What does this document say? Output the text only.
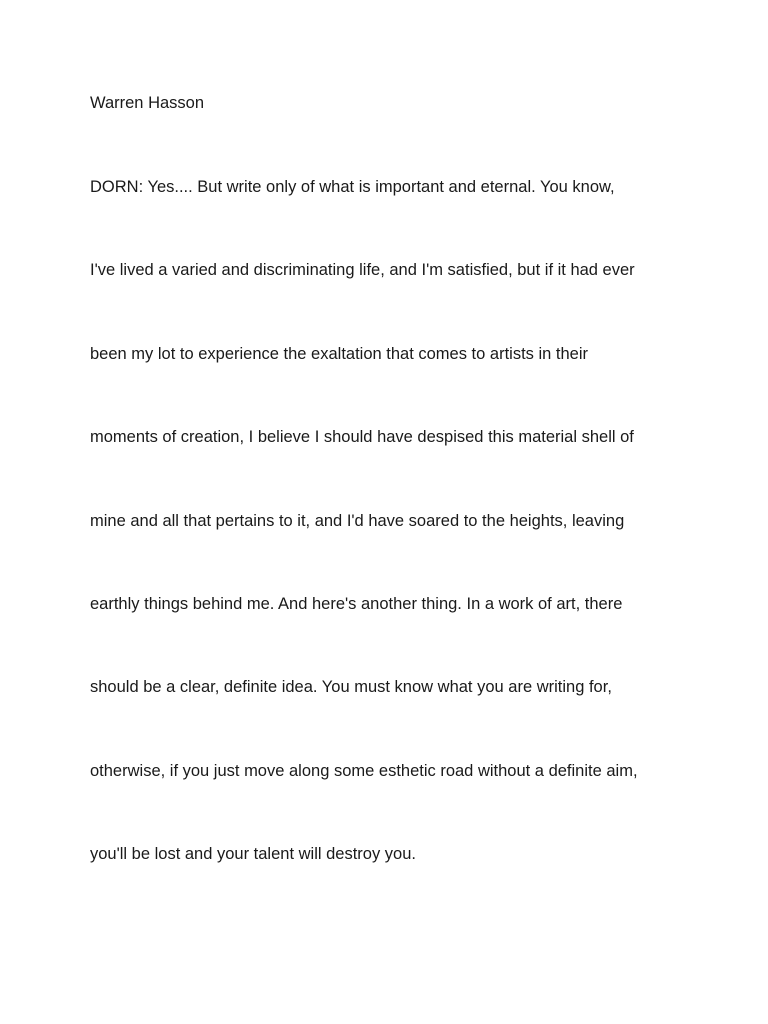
Warren Hasson

DORN: Yes.... But write only of what is important and eternal. You know,
I've lived a varied and discriminating life, and I'm satisfied, but if it had ever
been my lot to experience the exaltation that comes to artists in their
moments of creation, I believe I should have despised this material shell of
mine and all that pertains to it, and I'd have soared to the heights, leaving
earthly things behind me. And here's another thing. In a work of art, there
should be a clear, definite idea. You must know what you are writing for,
otherwise, if you just move along some esthetic road without a definite aim,
you'll be lost and your talent will destroy you.
